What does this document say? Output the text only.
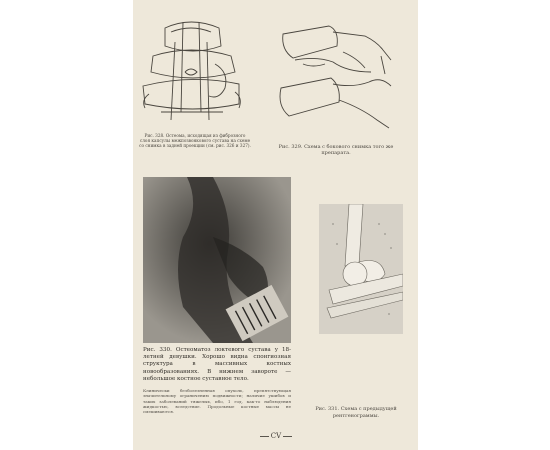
Рис. 328. Остеома, исходящая из фиброзного слоя капсулы межпозвонкового сустава на схеме со снимка в задней проекции (см. рис. 326 и 327).	Рис. 329. Схема с бокового снимка того же препарата.
Рис. 330. Остеоматоз локтевого сустава у 18-летней девушки. Хорошо видна спонгиозная структура в массивных костных новообразованиях. В нижнем завороте — небольшое костное суставное тело.
Клинически безболезненная опухоль, препятствующая значительному ограничению подвижности; наличие ушибов и таких заболеваний тяжелых, ибо, 1 год, как-то наблюдения жидкостью, вследствие. Продольные костные массы не смешиваются.	Рис. 331. Схема с предыдущей рентгенограммы.
CV
